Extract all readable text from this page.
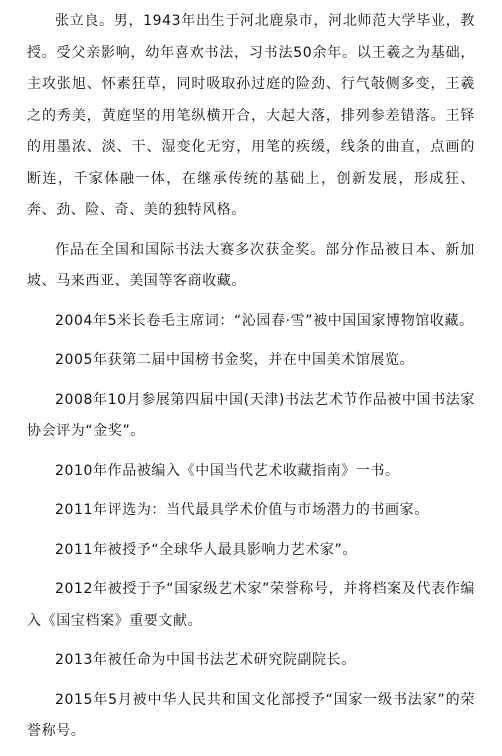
张立良。男，1943年出生于河北鹿泉市，河北师范大学毕业，教授。受父亲影响，幼年喜欢书法，习书法50余年。以王羲之为基础，主攻张旭、怀素狂草，同时吸取孙过庭的险劲、行气敧侧多变，王羲之的秀美，黄庭坚的用笔纵横开合，大起大落，排列参差错落。王铎的用墨浓、淡、干、湿变化无穷，用笔的疾缓，线条的曲直，点画的断连，千家体融一体，在继承传统的基础上，创新发展，形成狂、奔、劲、险、奇、美的独特风格。

作品在全国和国际书法大赛多次获金奖。部分作品被日本、新加坡、马来西亚、美国等客商收藏。

2004年5米长卷毛主席词：“沁园春·雪”被中国国家博物馆收藏。

2005年获第二届中国榜书金奖，并在中国美术馆展览。

2008年10月参展第四届中国(天津)书法艺术节作品被中国书法家协会评为“金奖”。

2010年作品被编入《中国当代艺术收藏指南》一书。

2011年评选为：当代最具学术价值与市场潜力的书画家。

2011年被授予“全球华人最具影响力艺术家”。

2012年被授于予“国家级艺术家”荣誉称号，并将档案及代表作编入《国宝档案》重要文献。

2013年被任命为中国书法艺术研究院副院长。

2015年5月被中华人民共和国文化部授予“国家一级书法家”的荣誉称号。
